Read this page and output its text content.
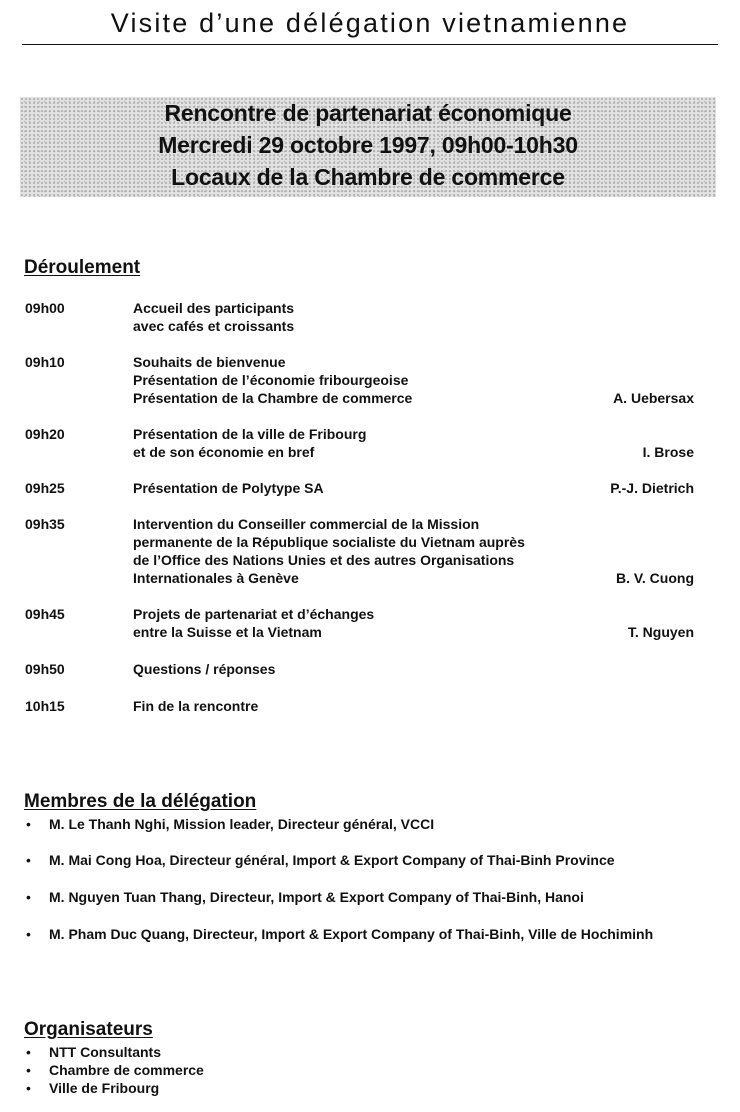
Visite d’une délégation vietnamienne
Rencontre de partenariat économique
Mercredi 29 octobre 1997, 09h00-10h30
Locaux de la Chambre de commerce
Déroulement
09h00	Accueil des participants
avec cafés et croissants
09h10	Souhaits de bienvenue
Présentation de l’économie fribourgeoise
Présentation de la Chambre de commerce	A. Uebersax
09h20	Présentation de la ville de Fribourg
et de son économie en bref	I. Brose
09h25	Présentation de Polytype SA	P.-J. Dietrich
09h35	Intervention du Conseiller commercial de la Mission
permanente de la République socialiste du Vietnam auprès
de l’Office des Nations Unies et des autres Organisations
Internationales à Genève	B. V. Cuong
09h45	Projets de partenariat et d’échanges
entre la Suisse et la Vietnam	T. Nguyen
09h50	Questions / réponses
10h15	Fin de la rencontre
Membres de la délégation
• M. Le Thanh Nghi, Mission leader, Directeur général, VCCI
• M. Mai Cong Hoa, Directeur général, Import & Export Company of Thai-Binh Province
• M. Nguyen Tuan Thang, Directeur, Import & Export Company of Thai-Binh, Hanoi
• M. Pham Duc Quang, Directeur, Import & Export Company of Thai-Binh, Ville de Hochiminh
Organisateurs
• NTT Consultants
• Chambre de commerce
• Ville de Fribourg
